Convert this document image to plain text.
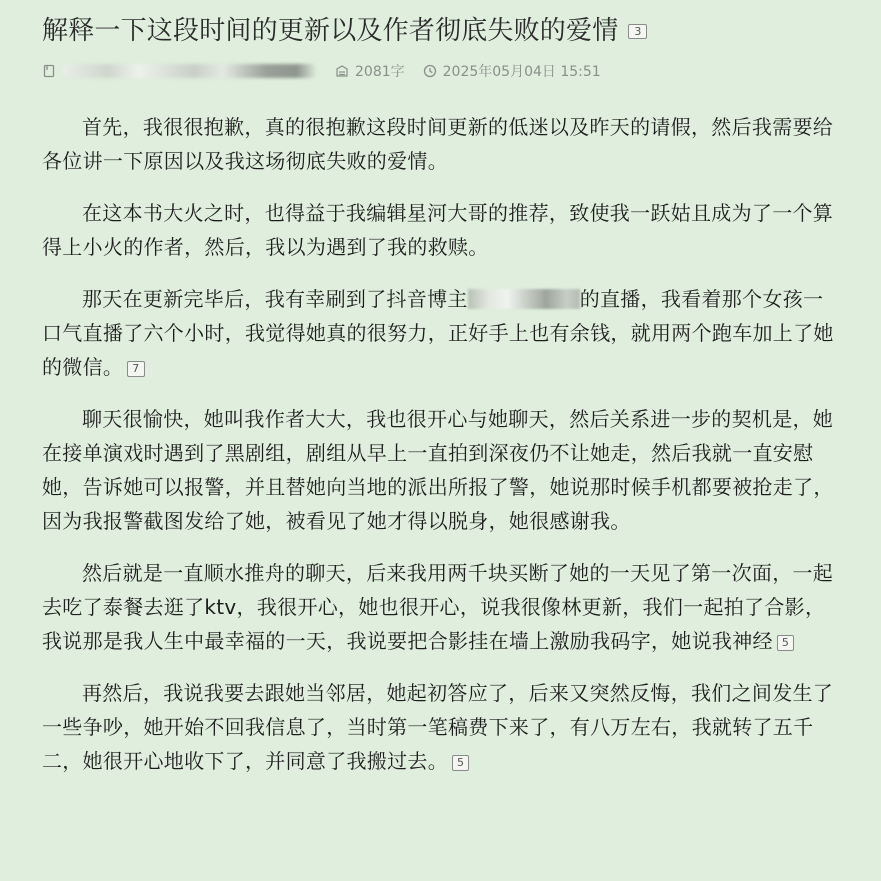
解释一下这段时间的更新以及作者彻底失败的爱情	3
2081字	2025年05月04日 15:51

首先，我很很抱歉，真的很抱歉这段时间更新的低迷以及昨天的请假，然后我需要给各位讲一下原因以及我这场彻底失败的爱情。

在这本书大火之时，也得益于我编辑星河大哥的推荐，致使我一跃姑且成为了一个算得上小火的作者，然后，我以为遇到了我的救赎。

那天在更新完毕后，我有幸刷到了抖音博主	的直播，我看着那个女孩一口气直播了六个小时，我觉得她真的很努力，正好手上也有余钱，就用两个跑车加上了她的微信。 7

聊天很愉快，她叫我作者大大，我也很开心与她聊天，然后关系进一步的契机是，她在接单演戏时遇到了黑剧组，剧组从早上一直拍到深夜仍不让她走，然后我就一直安慰她，告诉她可以报警，并且替她向当地的派出所报了警，她说那时候手机都要被抢走了，因为我报警截图发给了她，被看见了她才得以脱身，她很感谢我。

然后就是一直顺水推舟的聊天，后来我用两千块买断了她的一天见了第一次面，一起去吃了泰餐去逛了ktv，我很开心，她也很开心，说我很像林更新，我们一起拍了合影，我说那是我人生中最幸福的一天，我说要把合影挂在墙上激励我码字，她说我神经 5

再然后，我说我要去跟她当邻居，她起初答应了，后来又突然反悔，我们之间发生了一些争吵，她开始不回我信息了，当时第一笔稿费下来了，有八万左右，我就转了五千二，她很开心地收下了，并同意了我搬过去。 5
